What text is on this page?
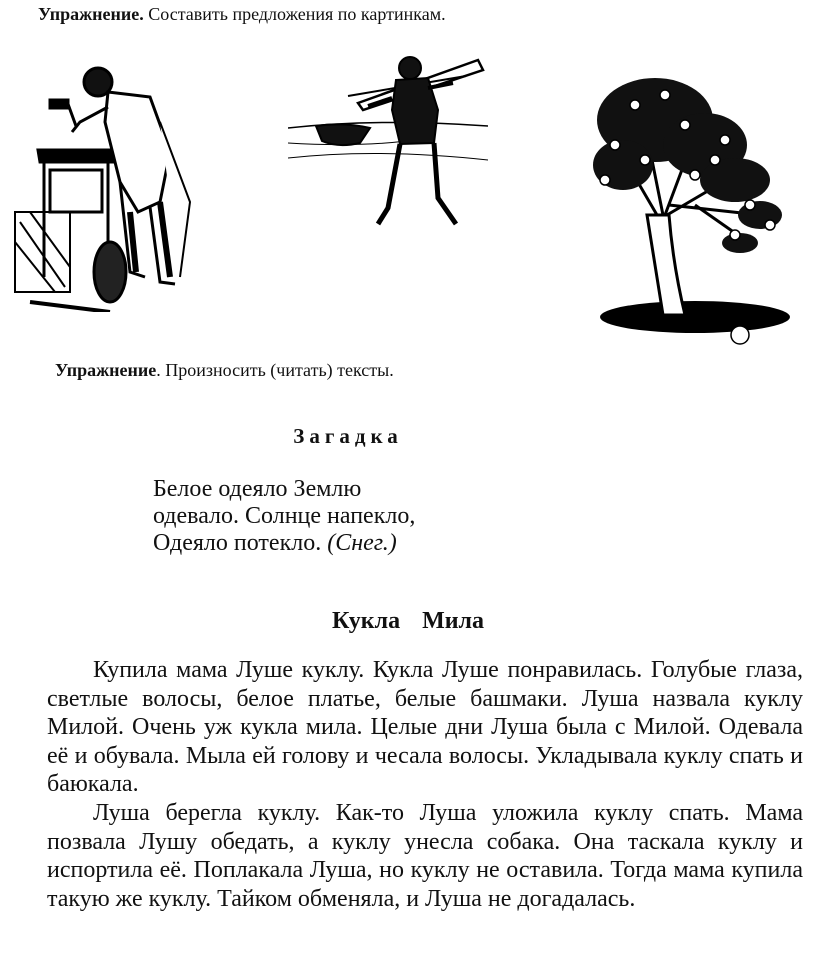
Упражнение. Составить предложения по картинкам.
Упражнение. Произносить (читать) тексты.
Загадка
Белое одеяло Землю
одевало. Солнце напекло,
Одеяло потекло. (Снег.)
Кукла Мила

Купила мама Луше куклу. Кукла Луше понравилась. Голубые глаза, светлые волосы, белое платье, белые башмаки. Луша назвала куклу Милой. Очень уж кукла мила. Целые дни Луша была с Милой. Одевала её и обувала. Мыла ей голову и чесала волосы. Укладывала куклу спать и баюкала.

Луша берегла куклу. Как-то Луша уложила куклу спать. Мама позвала Лушу обедать, а куклу унесла собака. Она таскала куклу и испортила её. Поплакала Луша, но куклу не оставила. Тогда мама купила такую же куклу. Тайком обменяла, и Луша не догадалась.
